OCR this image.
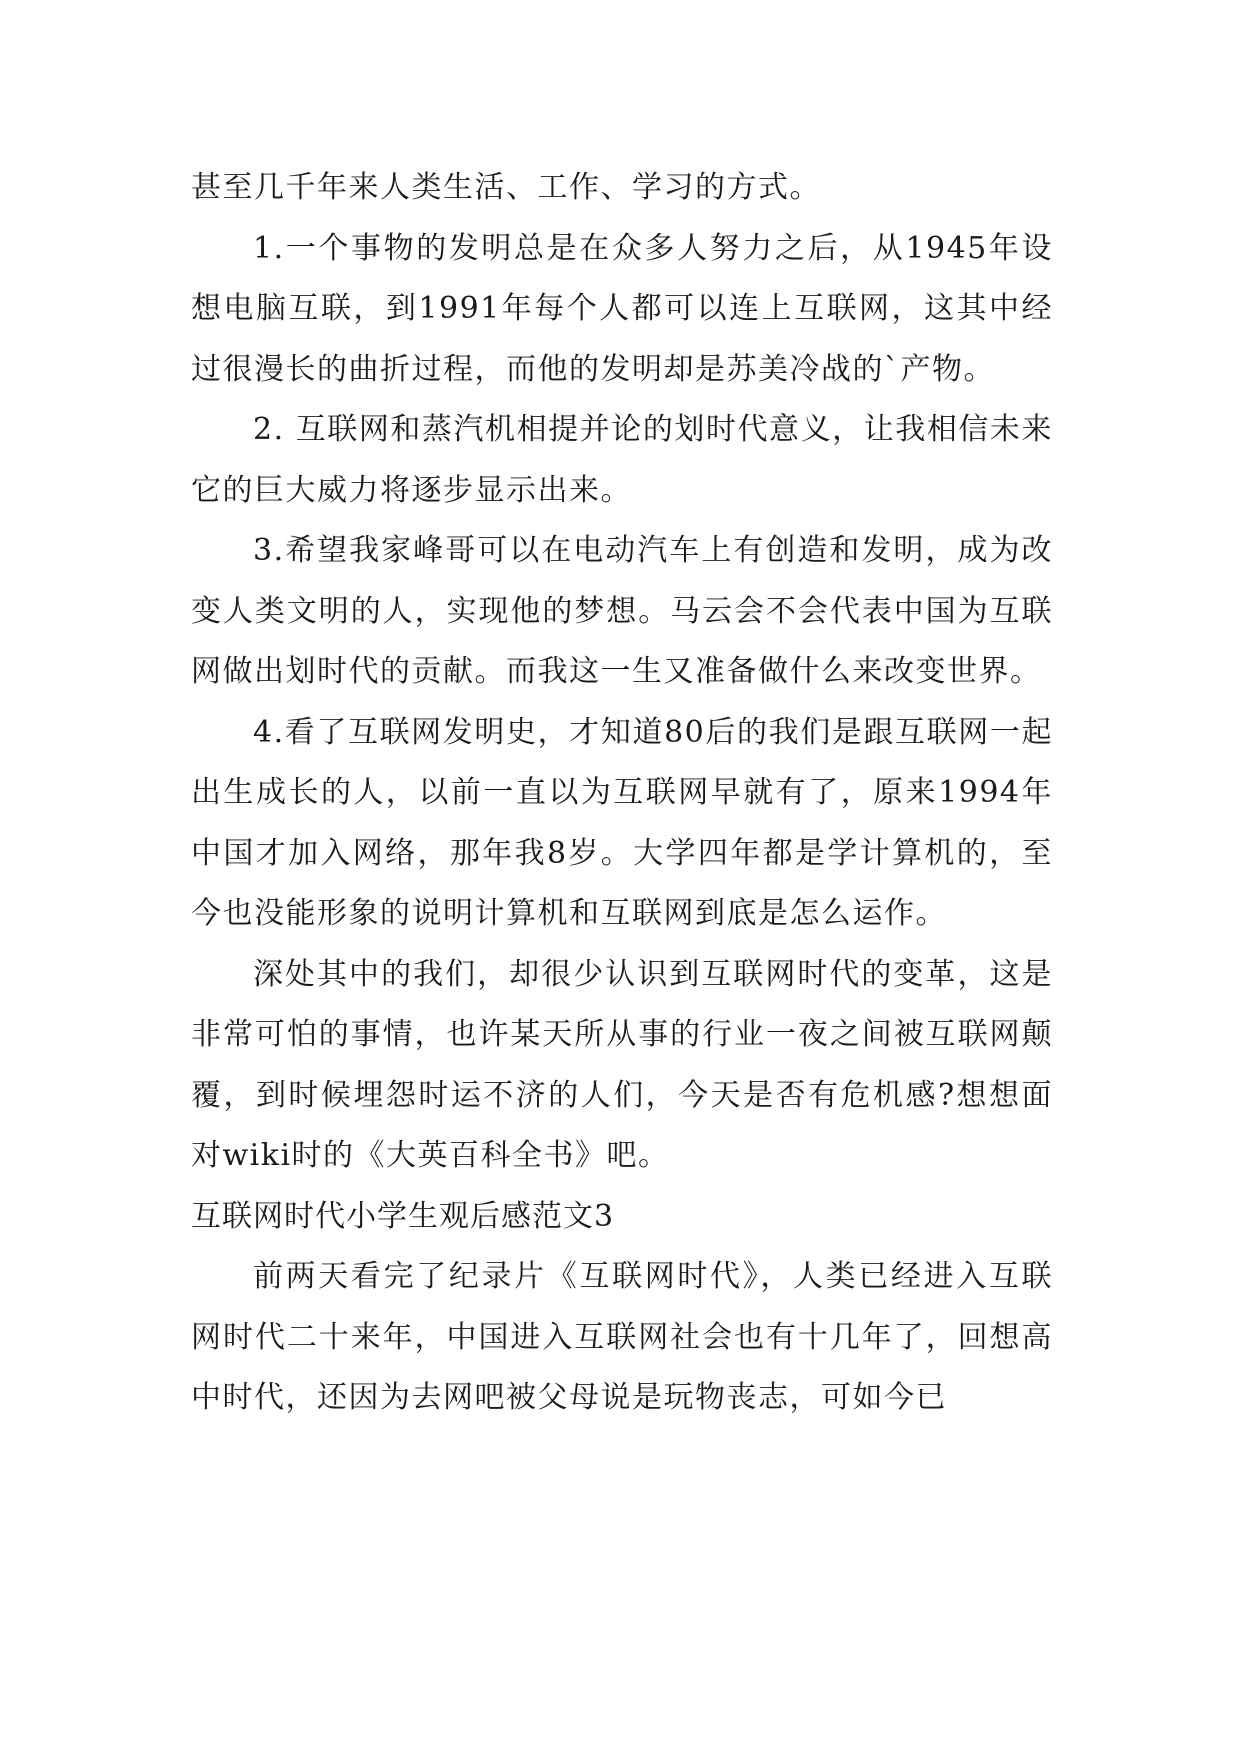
甚至几千年来人类生活、工作、学习的方式。

1.一个事物的发明总是在众多人努力之后，从1945年设想电脑互联，到1991年每个人都可以连上互联网，这其中经过很漫长的曲折过程，而他的发明却是苏美冷战的`产物。

2. 互联网和蒸汽机相提并论的划时代意义，让我相信未来它的巨大威力将逐步显示出来。

3.希望我家峰哥可以在电动汽车上有创造和发明，成为改变人类文明的人，实现他的梦想。马云会不会代表中国为互联网做出划时代的贡献。而我这一生又准备做什么来改变世界。

4.看了互联网发明史，才知道80后的我们是跟互联网一起出生成长的人，以前一直以为互联网早就有了，原来1994年中国才加入网络，那年我8岁。大学四年都是学计算机的，至今也没能形象的说明计算机和互联网到底是怎么运作。

深处其中的我们，却很少认识到互联网时代的变革，这是非常可怕的事情，也许某天所从事的行业一夜之间被互联网颠覆，到时候埋怨时运不济的人们，今天是否有危机感?想想面对wiki时的《大英百科全书》吧。

互联网时代小学生观后感范文3

前两天看完了纪录片《互联网时代》，人类已经进入互联网时代二十来年，中国进入互联网社会也有十几年了，回想高中时代，还因为去网吧被父母说是玩物丧志，可如今已
